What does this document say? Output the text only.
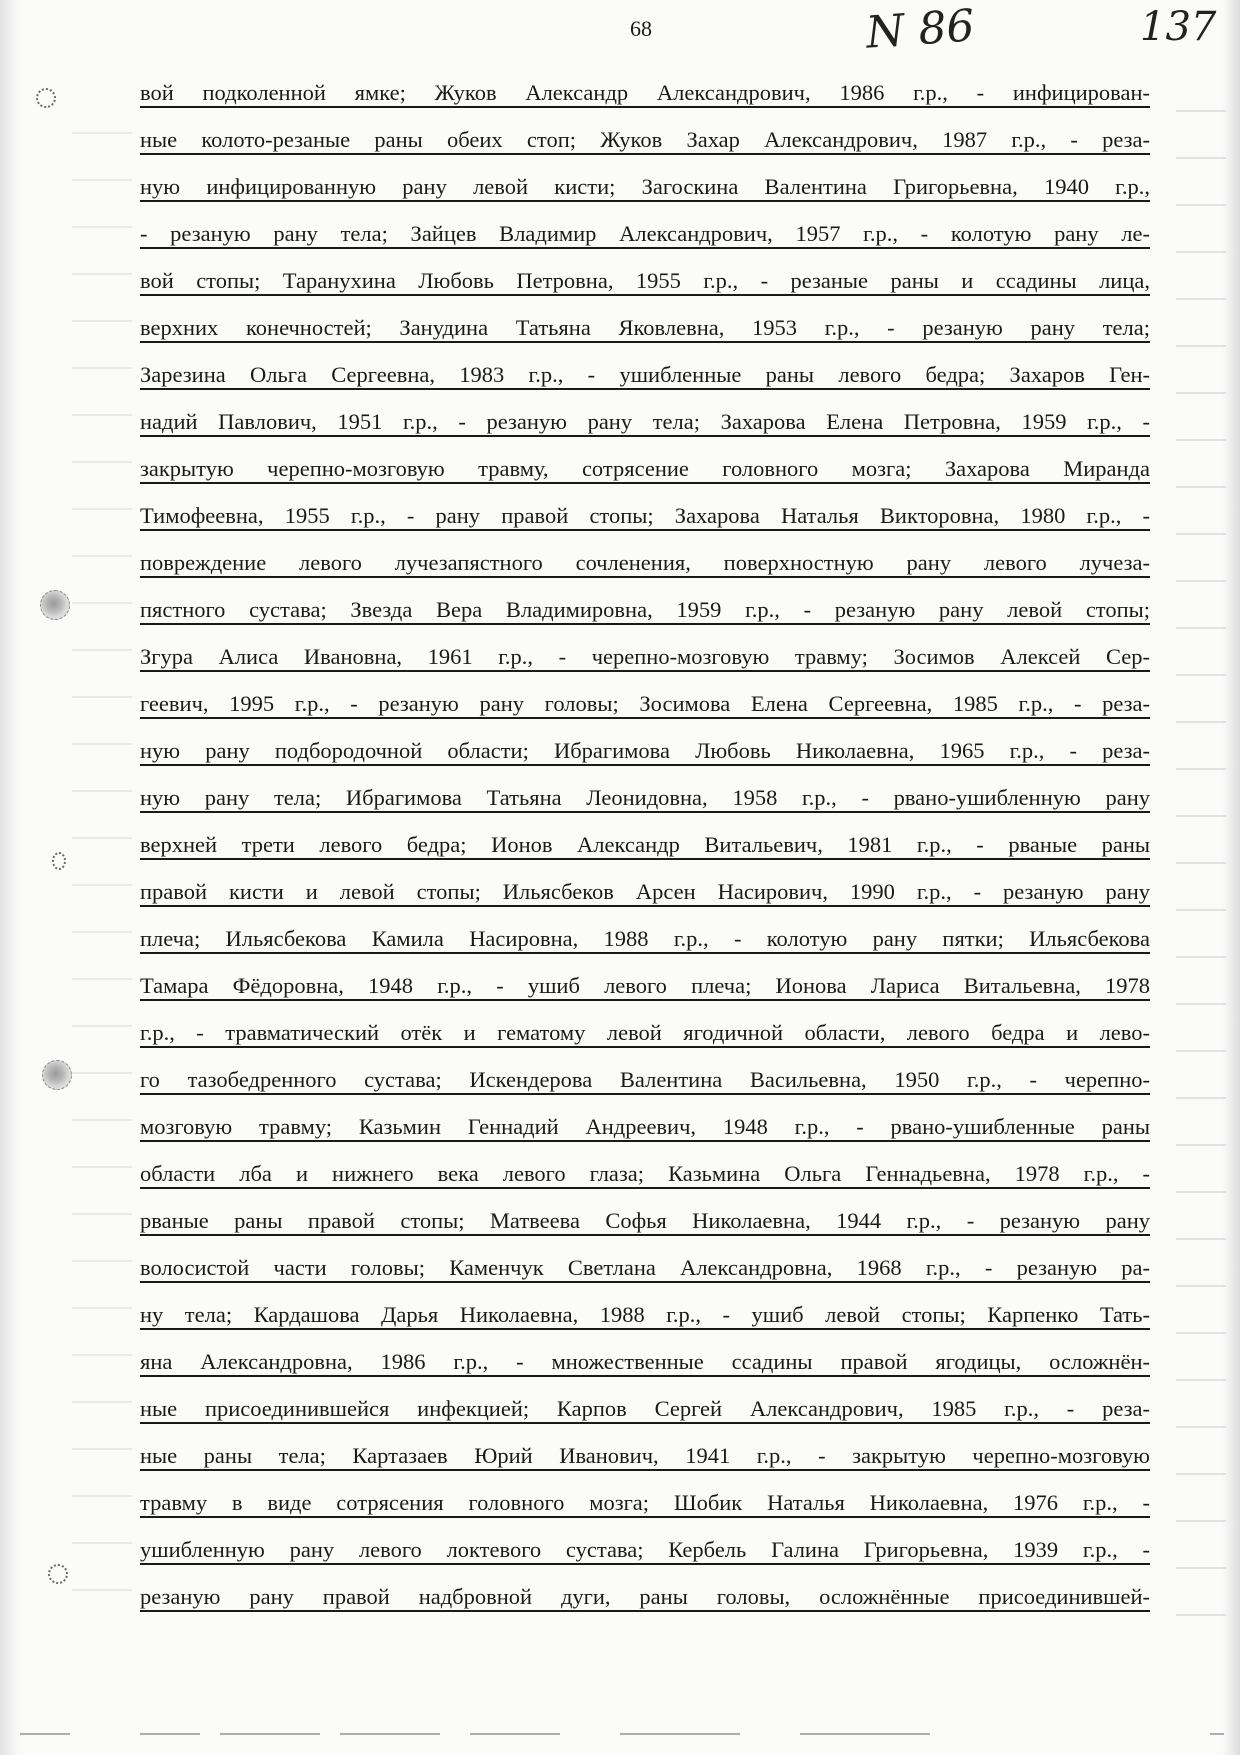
68	N 86	137
вой подколенной ямке; Жуков Александр Александрович, 1986 г.р., - инфицирован-
ные колото-резаные раны обеих стоп; Жуков Захар Александрович, 1987 г.р., - реза-
ную инфицированную рану левой кисти; Загоскина Валентина Григорьевна, 1940 г.р.,
- резаную рану тела; Зайцев Владимир Александрович, 1957 г.р., - колотую рану ле-
вой стопы; Таранухина Любовь Петровна, 1955 г.р., - резаные раны и ссадины лица,
верхних конечностей; Занудина Татьяна Яковлевна, 1953 г.р., - резаную рану тела;
Зарезина Ольга Сергеевна, 1983 г.р., - ушибленные раны левого бедра; Захаров Ген-
надий Павлович, 1951 г.р., - резаную рану тела; Захарова Елена Петровна, 1959 г.р., -
закрытую черепно-мозговую травму, сотрясение головного мозга; Захарова Миранда
Тимофеевна, 1955 г.р., - рану правой стопы; Захарова Наталья Викторовна, 1980 г.р., -
повреждение левого лучезапястного сочленения, поверхностную рану левого лучеза-
пястного сустава; Звезда Вера Владимировна, 1959 г.р., - резаную рану левой стопы;
Згура Алиса Ивановна, 1961 г.р., - черепно-мозговую травму; Зосимов Алексей Сер-
геевич, 1995 г.р., - резаную рану головы; Зосимова Елена Сергеевна, 1985 г.р., - реза-
ную рану подбородочной области; Ибрагимова Любовь Николаевна, 1965 г.р., - реза-
ную рану тела; Ибрагимова Татьяна Леонидовна, 1958 г.р., - рвано-ушибленную рану
верхней трети левого бедра; Ионов Александр Витальевич, 1981 г.р., - рваные раны
правой кисти и левой стопы; Ильясбеков Арсен Насирович, 1990 г.р., - резаную рану
плеча; Ильясбекова Камила Насировна, 1988 г.р., - колотую рану пятки; Ильясбекова
Тамара Фёдоровна, 1948 г.р., - ушиб левого плеча; Ионова Лариса Витальевна, 1978
г.р., - травматический отёк и гематому левой ягодичной области, левого бедра и лево-
го тазобедренного сустава; Искендерова Валентина Васильевна, 1950 г.р., - черепно-
мозговую травму; Казьмин Геннадий Андреевич, 1948 г.р., - рвано-ушибленные раны
области лба и нижнего века левого глаза; Казьмина Ольга Геннадьевна, 1978 г.р., -
рваные раны правой стопы; Матвеева Софья Николаевна, 1944 г.р., - резаную рану
волосистой части головы; Каменчук Светлана Александровна, 1968 г.р., - резаную ра-
ну тела; Кардашова Дарья Николаевна, 1988 г.р., - ушиб левой стопы; Карпенко Тать-
яна Александровна, 1986 г.р., - множественные ссадины правой ягодицы, осложнён-
ные присоединившейся инфекцией; Карпов Сергей Александрович, 1985 г.р., - реза-
ные раны тела; Картазаев Юрий Иванович, 1941 г.р., - закрытую черепно-мозговую
травму в виде сотрясения головного мозга; Шобик Наталья Николаевна, 1976 г.р., -
ушибленную рану левого локтевого сустава; Кербель Галина Григорьевна, 1939 г.р., -
резаную рану правой надбровной дуги, раны головы, осложнённые присоединившей-
